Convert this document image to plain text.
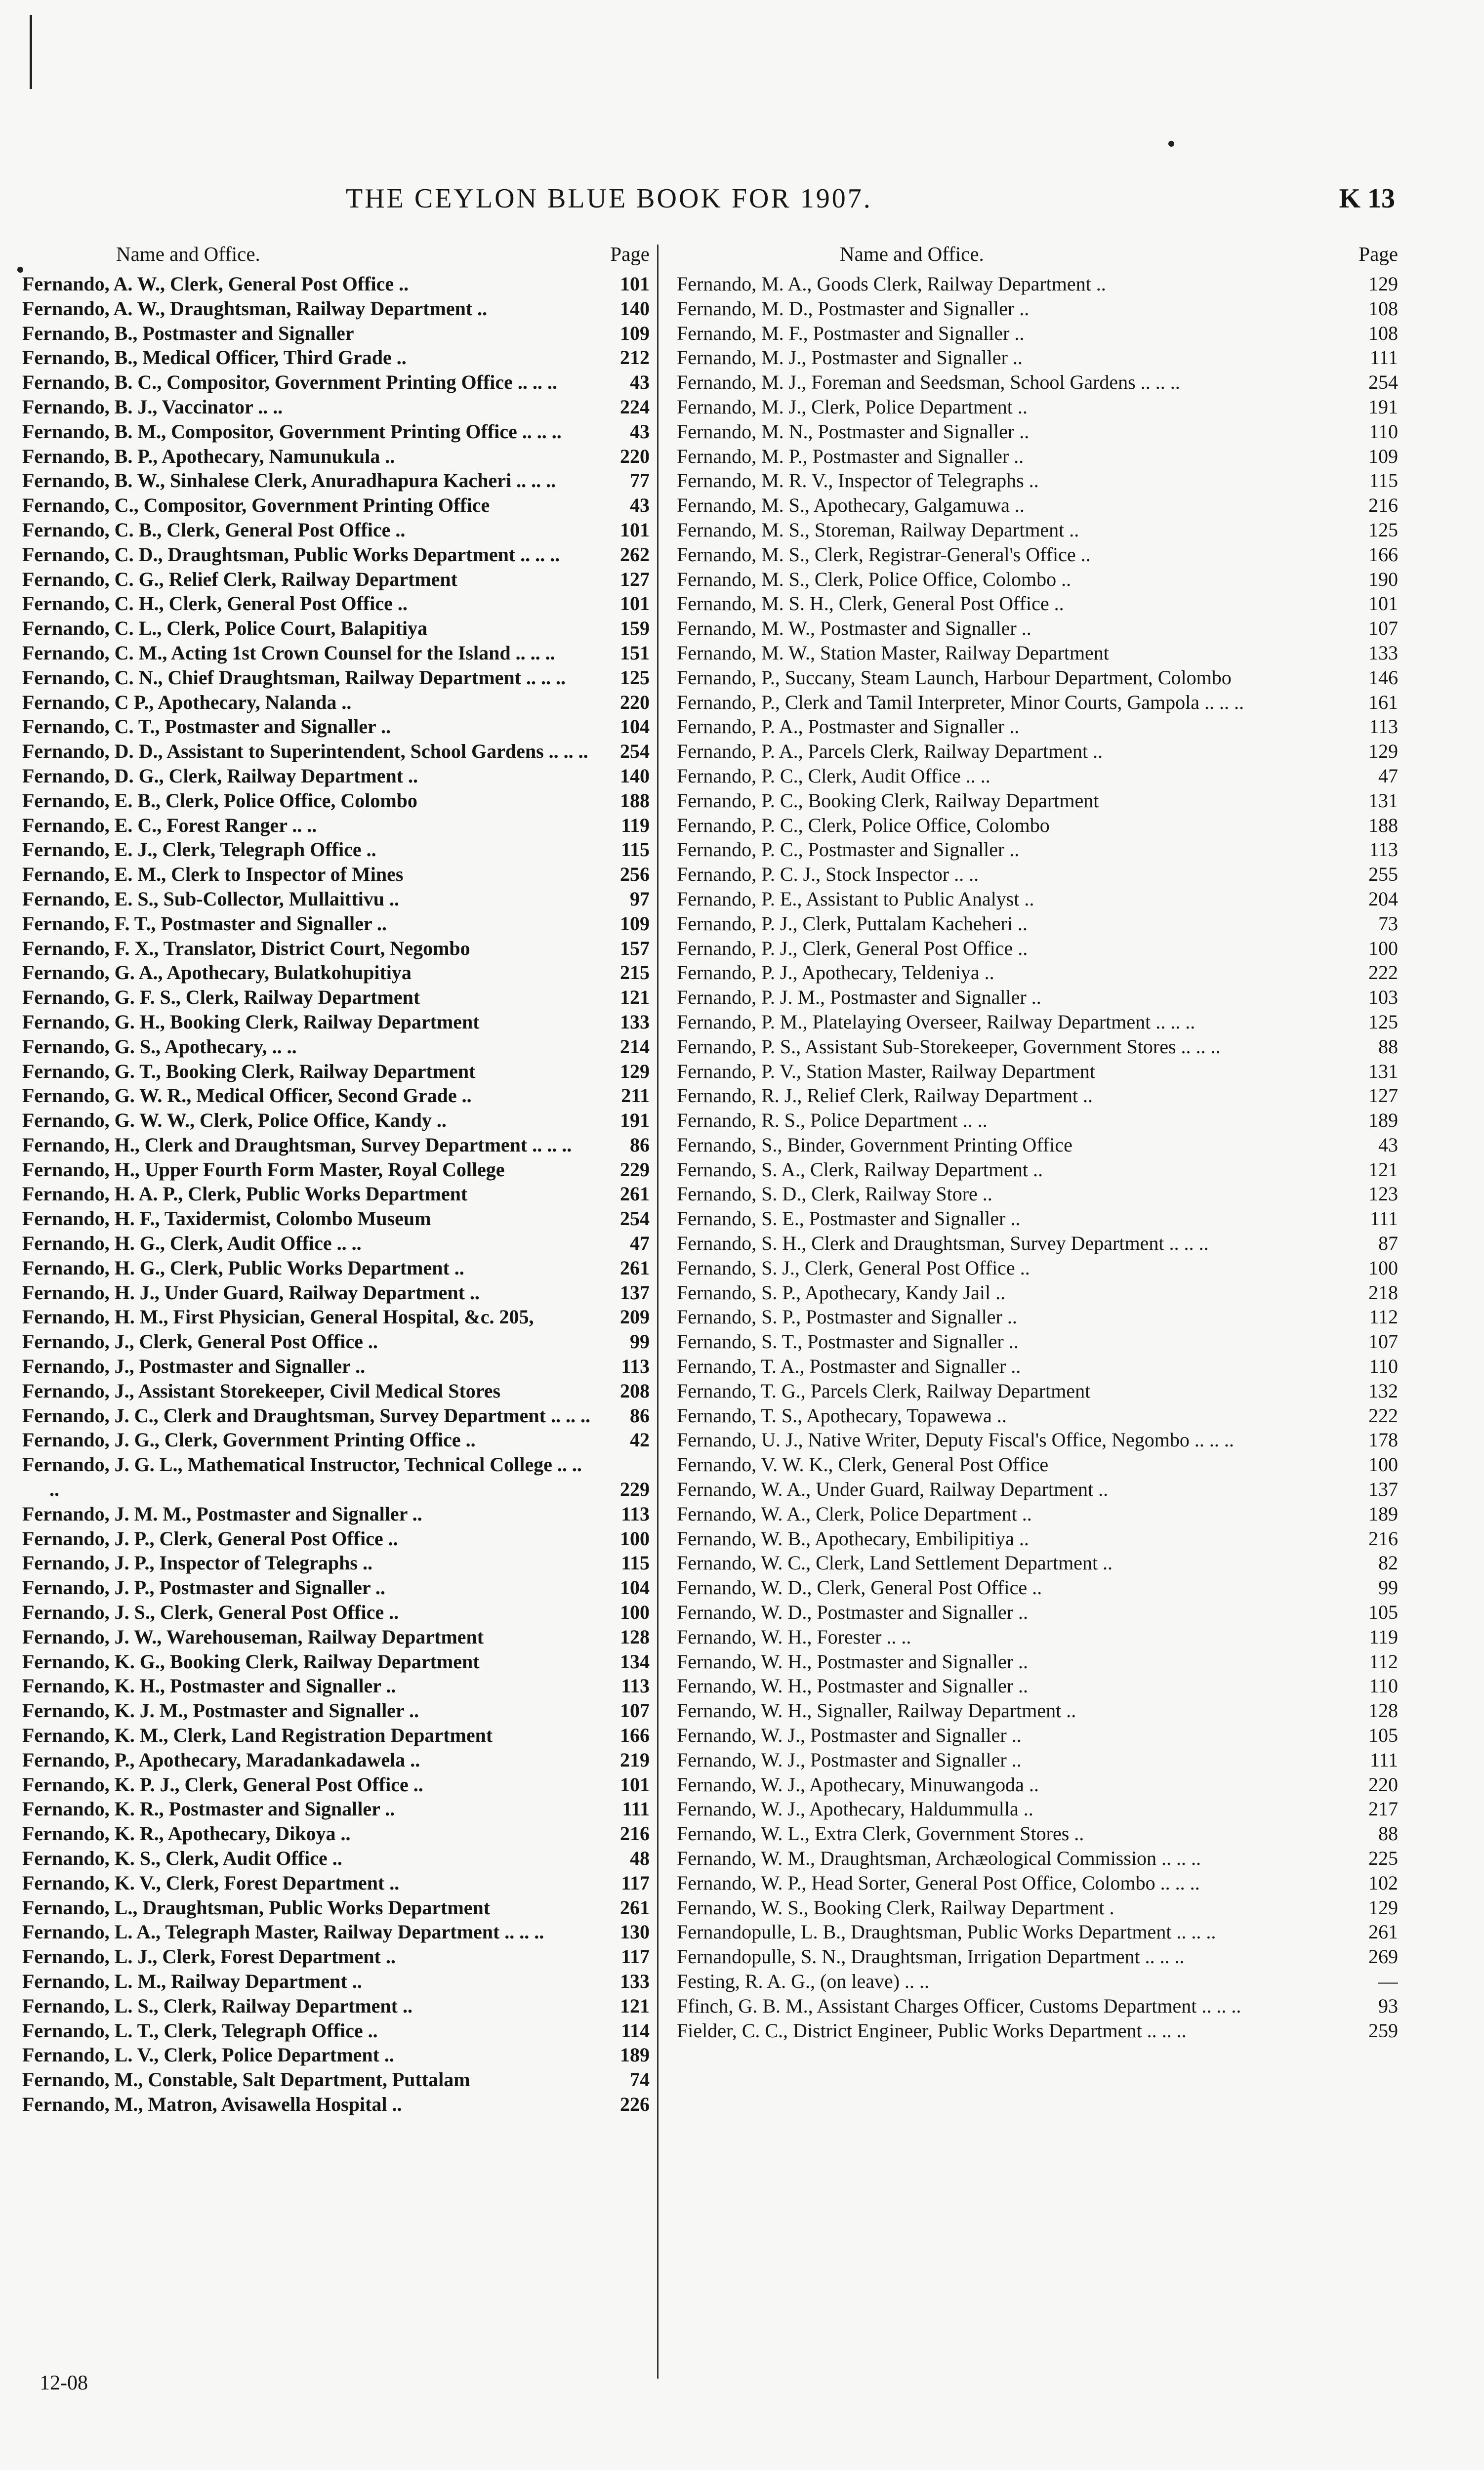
THE CEYLON BLUE BOOK FOR 1907.	K 13
Name and Office.	Page
Fernando, A. W., Clerk, General Post Office ..	101
Fernando, A. W., Draughtsman, Railway Department ..	140
Fernando, B., Postmaster and Signaller	109
Fernando, B., Medical Officer, Third Grade ..	212
Fernando, B. C., Compositor, Government Printing Office .. .. ..	43
Fernando, B. J., Vaccinator .. ..	224
Fernando, B. M., Compositor, Government Printing Office .. .. ..	43
Fernando, B. P., Apothecary, Namunukula ..	220
Fernando, B. W., Sinhalese Clerk, Anuradhapura Kacheri .. .. ..	77
Fernando, C., Compositor, Government Printing Office	43
Fernando, C. B., Clerk, General Post Office ..	101
Fernando, C. D., Draughtsman, Public Works Department .. .. ..	262
Fernando, C. G., Relief Clerk, Railway Department	127
Fernando, C. H., Clerk, General Post Office ..	101
Fernando, C. L., Clerk, Police Court, Balapitiya	159
Fernando, C. M., Acting 1st Crown Counsel for the Island .. .. ..	151
Fernando, C. N., Chief Draughtsman, Railway Department .. .. ..	125
Fernando, C P., Apothecary, Nalanda ..	220
Fernando, C. T., Postmaster and Signaller ..	104
Fernando, D. D., Assistant to Superintendent, School Gardens .. .. ..	254
Fernando, D. G., Clerk, Railway Department ..	140
Fernando, E. B., Clerk, Police Office, Colombo	188
Fernando, E. C., Forest Ranger .. ..	119
Fernando, E. J., Clerk, Telegraph Office ..	115
Fernando, E. M., Clerk to Inspector of Mines	256
Fernando, E. S., Sub-Collector, Mullaittivu ..	97
Fernando, F. T., Postmaster and Signaller ..	109
Fernando, F. X., Translator, District Court, Negombo	157
Fernando, G. A., Apothecary, Bulatkohupitiya	215
Fernando, G. F. S., Clerk, Railway Department	121
Fernando, G. H., Booking Clerk, Railway Department	133
Fernando, G. S., Apothecary, .. ..	214
Fernando, G. T., Booking Clerk, Railway Department	129
Fernando, G. W. R., Medical Officer, Second Grade ..	211
Fernando, G. W. W., Clerk, Police Office, Kandy ..	191
Fernando, H., Clerk and Draughtsman, Survey Department .. .. ..	86
Fernando, H., Upper Fourth Form Master, Royal College	229
Fernando, H. A. P., Clerk, Public Works Department	261
Fernando, H. F., Taxidermist, Colombo Museum	254
Fernando, H. G., Clerk, Audit Office .. ..	47
Fernando, H. G., Clerk, Public Works Department ..	261
Fernando, H. J., Under Guard, Railway Department ..	137
Fernando, H. M., First Physician, General Hospital, &c. 205,	209
Fernando, J., Clerk, General Post Office ..	99
Fernando, J., Postmaster and Signaller ..	113
Fernando, J., Assistant Storekeeper, Civil Medical Stores	208
Fernando, J. C., Clerk and Draughtsman, Survey Department .. .. ..	86
Fernando, J. G., Clerk, Government Printing Office ..	42
Fernando, J. G. L., Mathematical Instructor, Technical College .. .. ..	229
Fernando, J. M. M., Postmaster and Signaller ..	113
Fernando, J. P., Clerk, General Post Office ..	100
Fernando, J. P., Inspector of Telegraphs ..	115
Fernando, J. P., Postmaster and Signaller ..	104
Fernando, J. S., Clerk, General Post Office ..	100
Fernando, J. W., Warehouseman, Railway Department	128
Fernando, K. G., Booking Clerk, Railway Department	134
Fernando, K. H., Postmaster and Signaller ..	113
Fernando, K. J. M., Postmaster and Signaller ..	107
Fernando, K. M., Clerk, Land Registration Department	166
Fernando, P., Apothecary, Maradankadawela ..	219
Fernando, K. P. J., Clerk, General Post Office ..	101
Fernando, K. R., Postmaster and Signaller ..	111
Fernando, K. R., Apothecary, Dikoya ..	216
Fernando, K. S., Clerk, Audit Office ..	48
Fernando, K. V., Clerk, Forest Department ..	117
Fernando, L., Draughtsman, Public Works Department	261
Fernando, L. A., Telegraph Master, Railway Department .. .. ..	130
Fernando, L. J., Clerk, Forest Department ..	117
Fernando, L. M., Railway Department ..	133
Fernando, L. S., Clerk, Railway Department ..	121
Fernando, L. T., Clerk, Telegraph Office ..	114
Fernando, L. V., Clerk, Police Department ..	189
Fernando, M., Constable, Salt Department, Puttalam	74
Fernando, M., Matron, Avisawella Hospital ..	226
Name and Office.	Page
Fernando, M. A., Goods Clerk, Railway Department ..	129
Fernando, M. D., Postmaster and Signaller ..	108
Fernando, M. F., Postmaster and Signaller ..	108
Fernando, M. J., Postmaster and Signaller ..	111
Fernando, M. J., Foreman and Seedsman, School Gardens .. .. ..	254
Fernando, M. J., Clerk, Police Department ..	191
Fernando, M. N., Postmaster and Signaller ..	110
Fernando, M. P., Postmaster and Signaller ..	109
Fernando, M. R. V., Inspector of Telegraphs ..	115
Fernando, M. S., Apothecary, Galgamuwa ..	216
Fernando, M. S., Storeman, Railway Department ..	125
Fernando, M. S., Clerk, Registrar-General's Office ..	166
Fernando, M. S., Clerk, Police Office, Colombo ..	190
Fernando, M. S. H., Clerk, General Post Office ..	101
Fernando, M. W., Postmaster and Signaller ..	107
Fernando, M. W., Station Master, Railway Department	133
Fernando, P., Succany, Steam Launch, Harbour Department, Colombo	146
Fernando, P., Clerk and Tamil Interpreter, Minor Courts, Gampola .. .. ..	161
Fernando, P. A., Postmaster and Signaller ..	113
Fernando, P. A., Parcels Clerk, Railway Department ..	129
Fernando, P. C., Clerk, Audit Office .. ..	47
Fernando, P. C., Booking Clerk, Railway Department	131
Fernando, P. C., Clerk, Police Office, Colombo	188
Fernando, P. C., Postmaster and Signaller ..	113
Fernando, P. C. J., Stock Inspector .. ..	255
Fernando, P. E., Assistant to Public Analyst ..	204
Fernando, P. J., Clerk, Puttalam Kacheheri ..	73
Fernando, P. J., Clerk, General Post Office ..	100
Fernando, P. J., Apothecary, Teldeniya ..	222
Fernando, P. J. M., Postmaster and Signaller ..	103
Fernando, P. M., Platelaying Overseer, Railway Department .. .. ..	125
Fernando, P. S., Assistant Sub-Storekeeper, Government Stores .. .. ..	88
Fernando, P. V., Station Master, Railway Department	131
Fernando, R. J., Relief Clerk, Railway Department ..	127
Fernando, R. S., Police Department .. ..	189
Fernando, S., Binder, Government Printing Office	43
Fernando, S. A., Clerk, Railway Department ..	121
Fernando, S. D., Clerk, Railway Store ..	123
Fernando, S. E., Postmaster and Signaller ..	111
Fernando, S. H., Clerk and Draughtsman, Survey Department .. .. ..	87
Fernando, S. J., Clerk, General Post Office ..	100
Fernando, S. P., Apothecary, Kandy Jail ..	218
Fernando, S. P., Postmaster and Signaller ..	112
Fernando, S. T., Postmaster and Signaller ..	107
Fernando, T. A., Postmaster and Signaller ..	110
Fernando, T. G., Parcels Clerk, Railway Department	132
Fernando, T. S., Apothecary, Topawewa ..	222
Fernando, U. J., Native Writer, Deputy Fiscal's Office, Negombo .. .. ..	178
Fernando, V. W. K., Clerk, General Post Office	100
Fernando, W. A., Under Guard, Railway Department ..	137
Fernando, W. A., Clerk, Police Department ..	189
Fernando, W. B., Apothecary, Embilipitiya ..	216
Fernando, W. C., Clerk, Land Settlement Department ..	82
Fernando, W. D., Clerk, General Post Office ..	99
Fernando, W. D., Postmaster and Signaller ..	105
Fernando, W. H., Forester .. ..	119
Fernando, W. H., Postmaster and Signaller ..	112
Fernando, W. H., Postmaster and Signaller ..	110
Fernando, W. H., Signaller, Railway Department ..	128
Fernando, W. J., Postmaster and Signaller ..	105
Fernando, W. J., Postmaster and Signaller ..	111
Fernando, W. J., Apothecary, Minuwangoda ..	220
Fernando, W. J., Apothecary, Haldummulla ..	217
Fernando, W. L., Extra Clerk, Government Stores ..	88
Fernando, W. M., Draughtsman, Archæological Commission .. .. ..	225
Fernando, W. P., Head Sorter, General Post Office, Colombo .. .. ..	102
Fernando, W. S., Booking Clerk, Railway Department .	129
Fernandopulle, L. B., Draughtsman, Public Works Department .. .. ..	261
Fernandopulle, S. N., Draughtsman, Irrigation Department .. .. ..	269
Festing, R. A. G., (on leave) .. ..	—
Ffinch, G. B. M., Assistant Charges Officer, Customs Department .. .. ..	93
Fielder, C. C., District Engineer, Public Works Department .. .. ..	259
12-08
